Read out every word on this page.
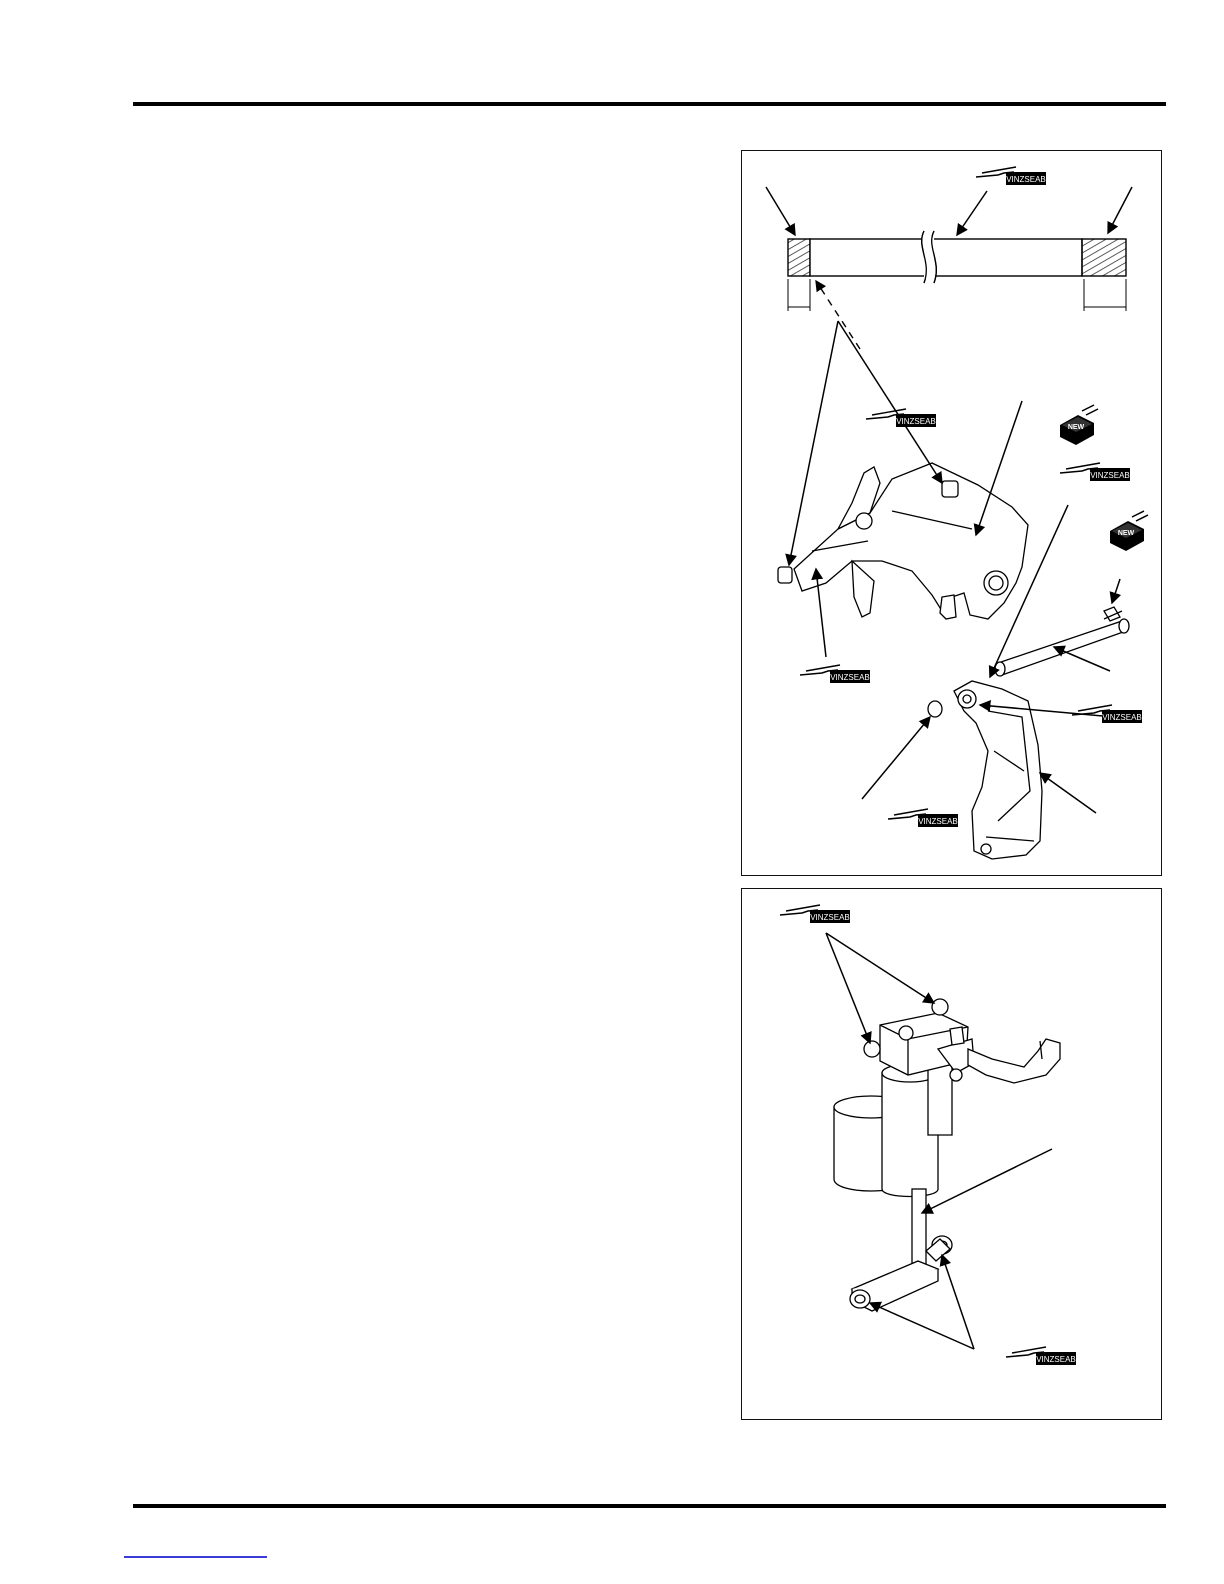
VINZSEAB
NEW
VINZSEAB
